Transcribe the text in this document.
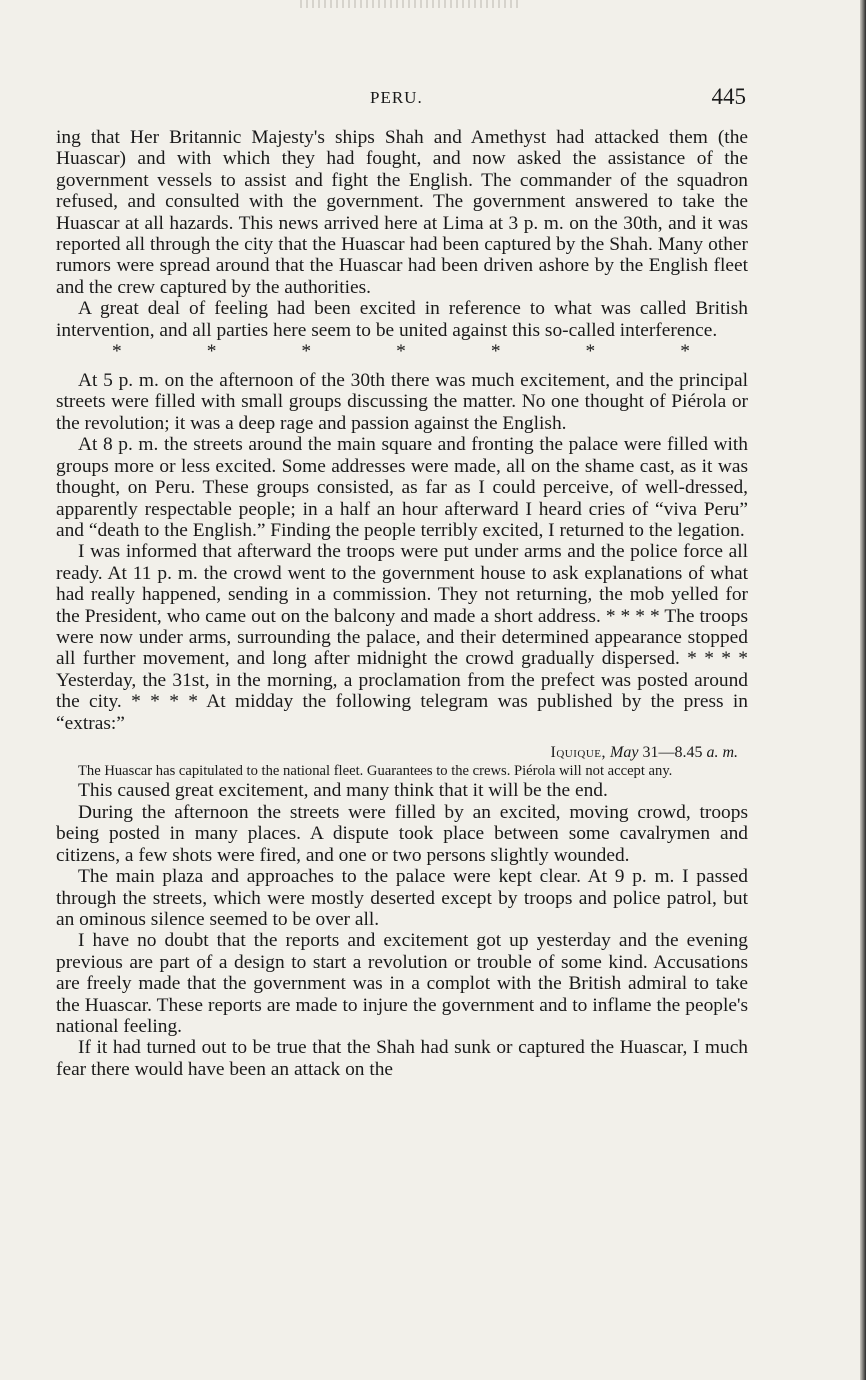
PERU.	445

ing that Her Britannic Majesty's ships Shah and Amethyst had attacked them (the Huascar) and with which they had fought, and now asked the assistance of the government vessels to assist and fight the English. The commander of the squadron refused, and consulted with the government. The government answered to take the Huascar at all hazards. This news arrived here at Lima at 3 p. m. on the 30th, and it was reported all through the city that the Huascar had been captured by the Shah. Many other rumors were spread around that the Huascar had been driven ashore by the English fleet and the crew captured by the authorities.

A great deal of feeling had been excited in reference to what was called British intervention, and all parties here seem to be united against this so-called interference.

*	*	*	*	*	*	*

At 5 p. m. on the afternoon of the 30th there was much excitement, and the principal streets were filled with small groups discussing the matter. No one thought of Piérola or the revolution; it was a deep rage and passion against the English.

At 8 p. m. the streets around the main square and fronting the palace were filled with groups more or less excited. Some addresses were made, all on the shame cast, as it was thought, on Peru. These groups consisted, as far as I could perceive, of well-dressed, apparently respectable people; in a half an hour afterward I heard cries of “viva Peru” and “death to the English.” Finding the people terribly excited, I returned to the legation.

I was informed that afterward the troops were put under arms and the police force all ready. At 11 p. m. the crowd went to the government house to ask explanations of what had really happened, sending in a commission. They not returning, the mob yelled for the President, who came out on the balcony and made a short address. * * * * The troops were now under arms, surrounding the palace, and their determined appearance stopped all further movement, and long after midnight the crowd gradually dispersed. * * * * Yesterday, the 31st, in the morning, a proclamation from the prefect was posted around the city. * * * * At midday the following telegram was published by the press in “extras:”

Iquique, May 31—8.45 a. m.

The Huascar has capitulated to the national fleet. Guarantees to the crews. Piérola will not accept any.

This caused great excitement, and many think that it will be the end.

During the afternoon the streets were filled by an excited, moving crowd, troops being posted in many places. A dispute took place between some cavalrymen and citizens, a few shots were fired, and one or two persons slightly wounded.

The main plaza and approaches to the palace were kept clear. At 9 p. m. I passed through the streets, which were mostly deserted except by troops and police patrol, but an ominous silence seemed to be over all.

I have no doubt that the reports and excitement got up yesterday and the evening previous are part of a design to start a revolution or trouble of some kind. Accusations are freely made that the government was in a complot with the British admiral to take the Huascar. These reports are made to injure the government and to inflame the people's national feeling.

If it had turned out to be true that the Shah had sunk or captured the Huascar, I much fear there would have been an attack on the
